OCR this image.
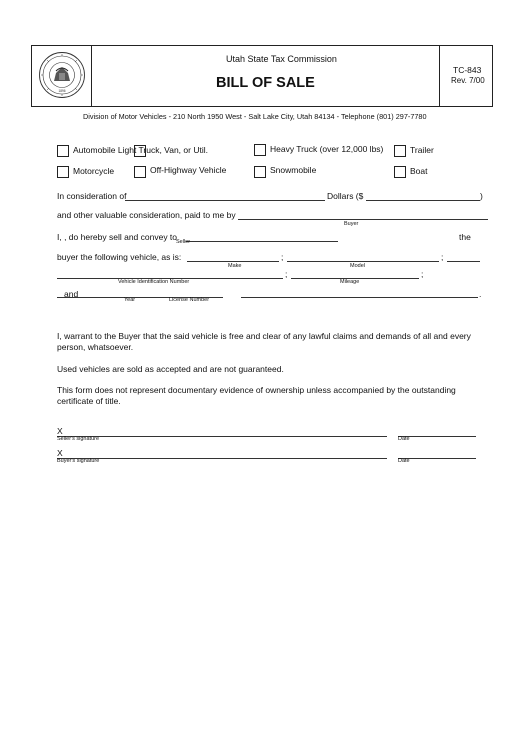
1896
Utah State Tax Commission
BILL OF SALE
TC-843
Rev. 7/00
Division of Motor Vehicles - 210 North 1950 West - Salt Lake City, Utah 84134 - Telephone (801) 297-7780
Automobile Light Truck, Van, or Util.	Heavy Truck (over 12,000 lbs)	Trailer
Motorcycle	Off-Highway Vehicle	Snowmobile	Boat
In consideration of	Dollars ($	)
and other valuable consideration, paid to me by
Buyer
I, , do hereby sell and convey to
Seller	the
buyer the following vehicle, as is:	;	;
Make	Model
;	;
Vehicle Identification Number	Mileage
and	.
Year	License Number
I, warrant to the Buyer that the said vehicle is free and clear of any lawful claims and demands of all and every
person, whatsoever.
Used vehicles are sold as accepted and are not guaranteed.
This form does not represent documentary evidence of ownership unless accompanied by the outstanding
certificate of title.
X
Seller's signature	Date
X
Buyer's signature	Date
